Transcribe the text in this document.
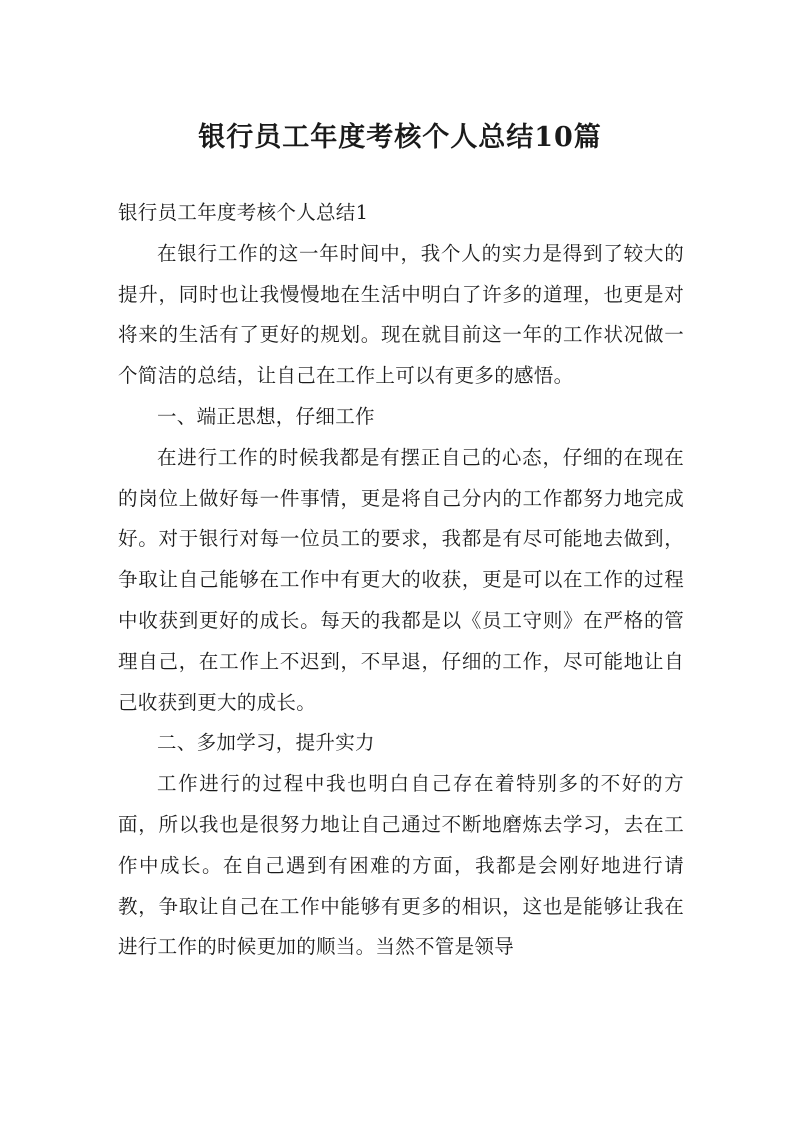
银行员工年度考核个人总结10篇

银行员工年度考核个人总结1

在银行工作的这一年时间中，我个人的实力是得到了较大的提升，同时也让我慢慢地在生活中明白了许多的道理，也更是对将来的生活有了更好的规划。现在就目前这一年的工作状况做一个简洁的总结，让自己在工作上可以有更多的感悟。

一、端正思想，仔细工作

在进行工作的时候我都是有摆正自己的心态，仔细的在现在的岗位上做好每一件事情，更是将自己分内的工作都努力地完成好。对于银行对每一位员工的要求，我都是有尽可能地去做到，争取让自己能够在工作中有更大的收获，更是可以在工作的过程中收获到更好的成长。每天的我都是以《员工守则》在严格的管理自己，在工作上不迟到，不早退，仔细的工作，尽可能地让自己收获到更大的成长。

二、多加学习，提升实力

工作进行的过程中我也明白自己存在着特别多的不好的方面，所以我也是很努力地让自己通过不断地磨炼去学习，去在工作中成长。在自己遇到有困难的方面，我都是会刚好地进行请教，争取让自己在工作中能够有更多的相识，这也是能够让我在进行工作的时候更加的顺当。当然不管是领导
